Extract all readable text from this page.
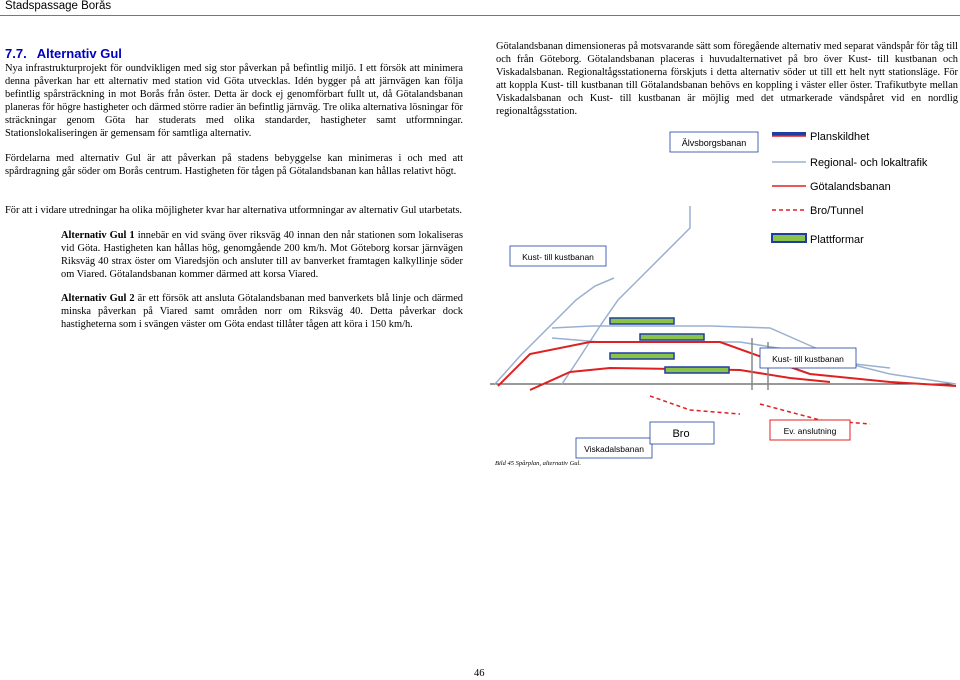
Stadspassage Borås
7.7. Alternativ Gul

Nya infrastrukturprojekt för oundvikligen med sig stor påverkan på befintlig miljö. I ett försök att minimera denna påverkan har ett alternativ med station vid Göta utvecklas. Idén bygger på att järnvägen kan följa befintlig spårsträckning in mot Borås från öster. Detta är dock ej genomförbart fullt ut, då Götalandsbanan planeras för högre hastigheter och därmed större radier än befintlig järnväg. Tre olika alternativa lösningar för sträckningar genom Göta har studerats med olika standarder, hastigheter samt utformningar. Stationslokaliseringen är gemensam för samtliga alternativ.

Fördelarna med alternativ Gul är att påverkan på stadens bebyggelse kan minimeras i och med att spårdragning går söder om Borås centrum. Hastigheten för tågen på Götalandsbanan kan hållas relativt högt.

För att i vidare utredningar ha olika möjligheter kvar har alternativa utformningar av alternativ Gul utarbetats.

Alternativ Gul 1 innebär en vid sväng över riksväg 40 innan den når stationen som lokaliseras vid Göta. Hastigheten kan hållas hög, genomgående 200 km/h. Mot Göteborg korsar järnvägen Riksväg 40 strax öster om Viaredsjön och ansluter till av banverket framtagen kalkyllinje söder om Viared. Götalandsbanan kommer därmed att korsa Viared.

Alternativ Gul 2 är ett försök att ansluta Götalandsbanan med banverkets blå linje och därmed minska påverkan på Viared samt områden norr om Riksväg 40. Detta påverkar dock hastigheterna som i svängen väster om Göta endast tillåter tågen att köra i 150 km/h.

Götalandsbanan dimensioneras på motsvarande sätt som föregående alternativ med separat vändspår för tåg till och från Göteborg. Götalandsbanan placeras i huvudalternativet på bro över Kust- till kustbanan och Viskadalsbanan. Regionaltågsstationerna förskjuts i detta alternativ söder ut till ett helt nytt stationsläge. För att koppla Kust- till kustbanan till Götalandsbanan behövs en koppling i väster eller öster. Trafikutbyte mellan Viskadalsbanan och Kust- till kustbanan är möjlig med det utmarkerade vändspåret vid en nordlig regionaltågsstation.

Älvsborgsbanan
Kust- till kustbanan
Kust- till kustbanan
Viskadalsbanan
Bro	Ev. anslutning
Planskildhet
Regional- och lokaltrafik
Götalandsbanan
Bro/Tunnel
Plattformar
Bild 45 Spårplan, alternativ Gul.
46
